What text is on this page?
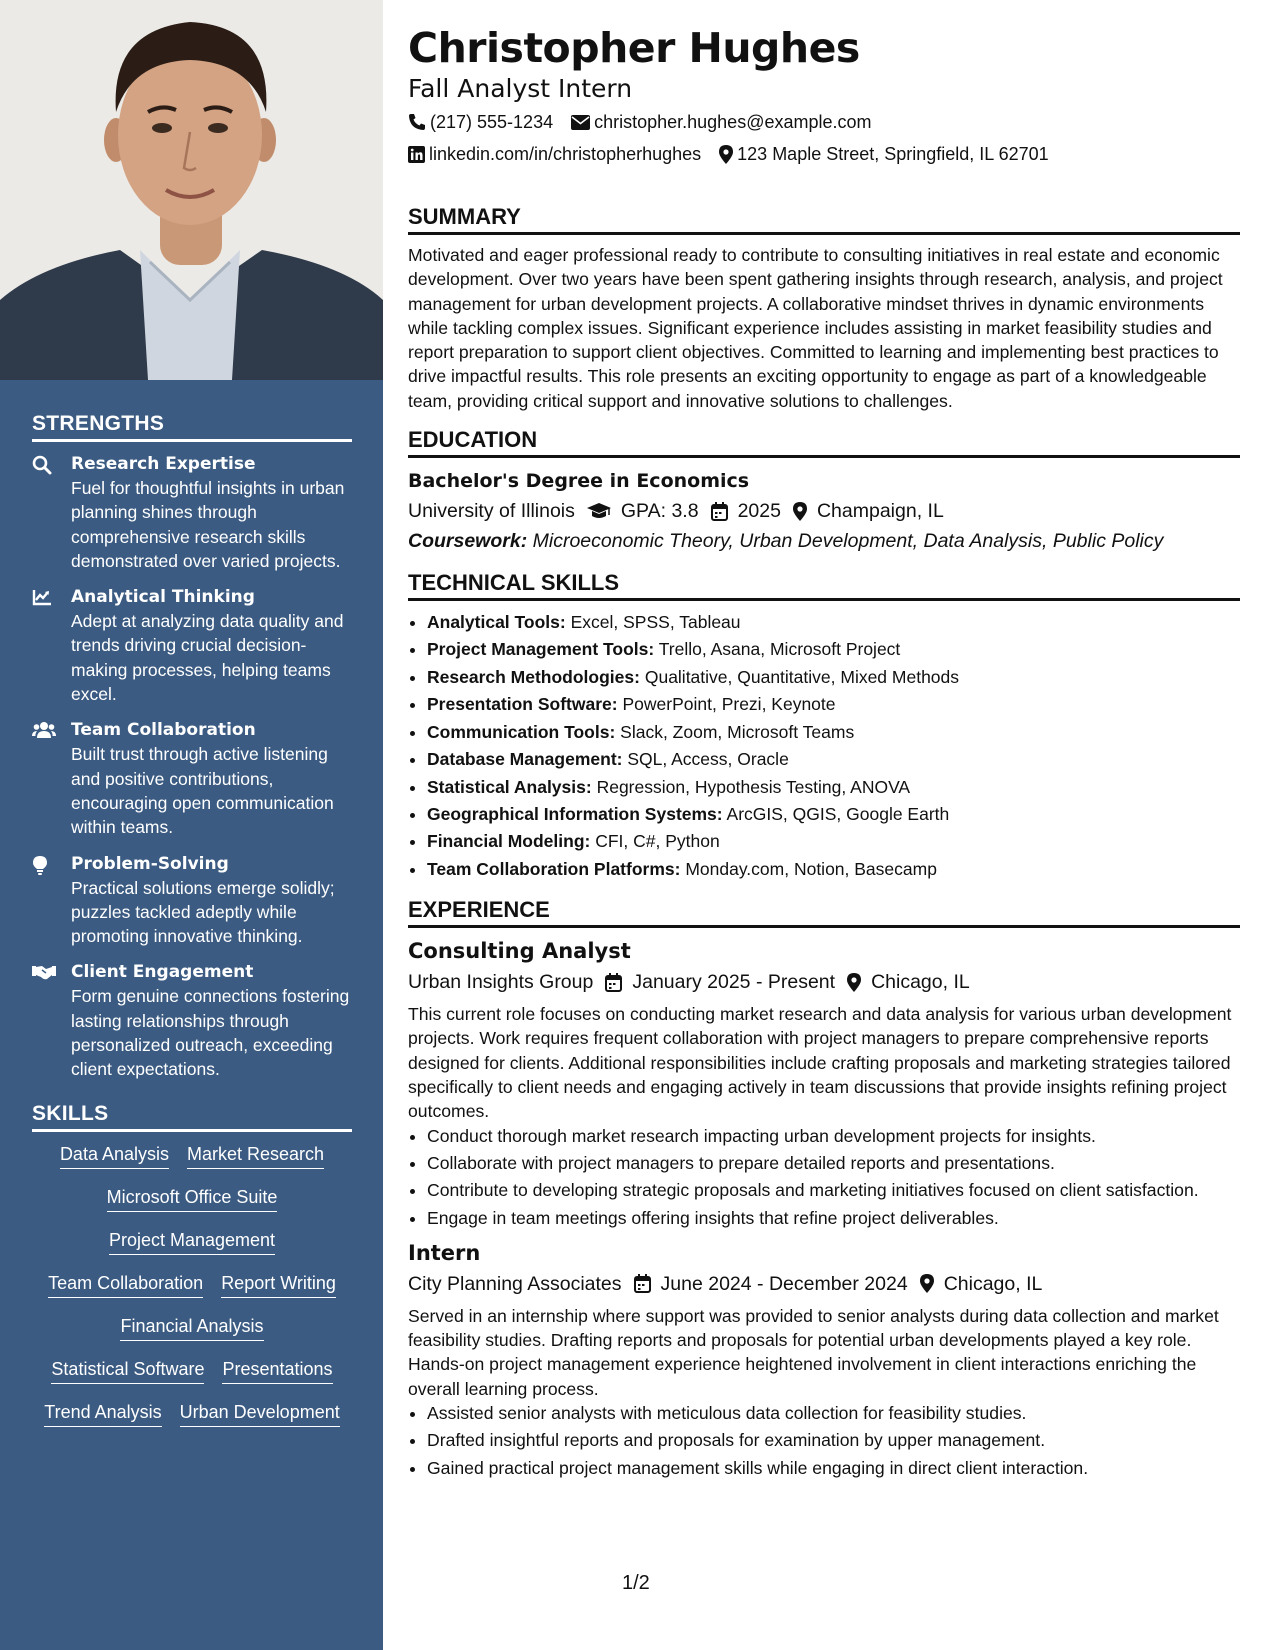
STRENGTHS
Research Expertise
Fuel for thoughtful insights in urban planning shines through comprehensive research skills demonstrated over varied projects.
Analytical Thinking
Adept at analyzing data quality and trends driving crucial decision-making processes, helping teams excel.
Team Collaboration
Built trust through active listening and positive contributions, encouraging open communication within teams.
Problem-Solving
Practical solutions emerge solidly; puzzles tackled adeptly while promoting innovative thinking.
Client Engagement
Form genuine connections fostering lasting relationships through personalized outreach, exceeding client expectations.
SKILLS
Data Analysis Market Research
Microsoft Office Suite
Project Management
Team Collaboration Report Writing
Financial Analysis
Statistical Software Presentations
Trend Analysis Urban Development
Christopher Hughes
Fall Analyst Intern
(217) 555-1234 christopher.hughes@example.com
linkedin.com/in/christopherhughes 123 Maple Street, Springfield, IL 62701
SUMMARY
Motivated and eager professional ready to contribute to consulting initiatives in real estate and economic development. Over two years have been spent gathering insights through research, analysis, and project management for urban development projects. A collaborative mindset thrives in dynamic environments while tackling complex issues. Significant experience includes assisting in market feasibility studies and report preparation to support client objectives. Committed to learning and implementing best practices to drive impactful results. This role presents an exciting opportunity to engage as part of a knowledgeable team, providing critical support and innovative solutions to challenges.
EDUCATION
Bachelor's Degree in Economics
University of Illinois GPA: 3.8 2025 Champaign, IL
Coursework: Microeconomic Theory, Urban Development, Data Analysis, Public Policy
TECHNICAL SKILLS
• Analytical Tools: Excel, SPSS, Tableau
• Project Management Tools: Trello, Asana, Microsoft Project
• Research Methodologies: Qualitative, Quantitative, Mixed Methods
• Presentation Software: PowerPoint, Prezi, Keynote
• Communication Tools: Slack, Zoom, Microsoft Teams
• Database Management: SQL, Access, Oracle
• Statistical Analysis: Regression, Hypothesis Testing, ANOVA
• Geographical Information Systems: ArcGIS, QGIS, Google Earth
• Financial Modeling: CFI, C#, Python
• Team Collaboration Platforms: Monday.com, Notion, Basecamp
EXPERIENCE
Consulting Analyst
Urban Insights Group January 2025 - Present Chicago, IL
This current role focuses on conducting market research and data analysis for various urban development projects. Work requires frequent collaboration with project managers to prepare comprehensive reports designed for clients. Additional responsibilities include crafting proposals and marketing strategies tailored specifically to client needs and engaging actively in team discussions that provide insights refining project outcomes.
• Conduct thorough market research impacting urban development projects for insights.
• Collaborate with project managers to prepare detailed reports and presentations.
• Contribute to developing strategic proposals and marketing initiatives focused on client satisfaction.
• Engage in team meetings offering insights that refine project deliverables.
Intern
City Planning Associates June 2024 - December 2024 Chicago, IL
Served in an internship where support was provided to senior analysts during data collection and market feasibility studies. Drafting reports and proposals for potential urban developments played a key role. Hands-on project management experience heightened involvement in client interactions enriching the overall learning process.
• Assisted senior analysts with meticulous data collection for feasibility studies.
• Drafted insightful reports and proposals for examination by upper management.
• Gained practical project management skills while engaging in direct client interaction.
1/2
